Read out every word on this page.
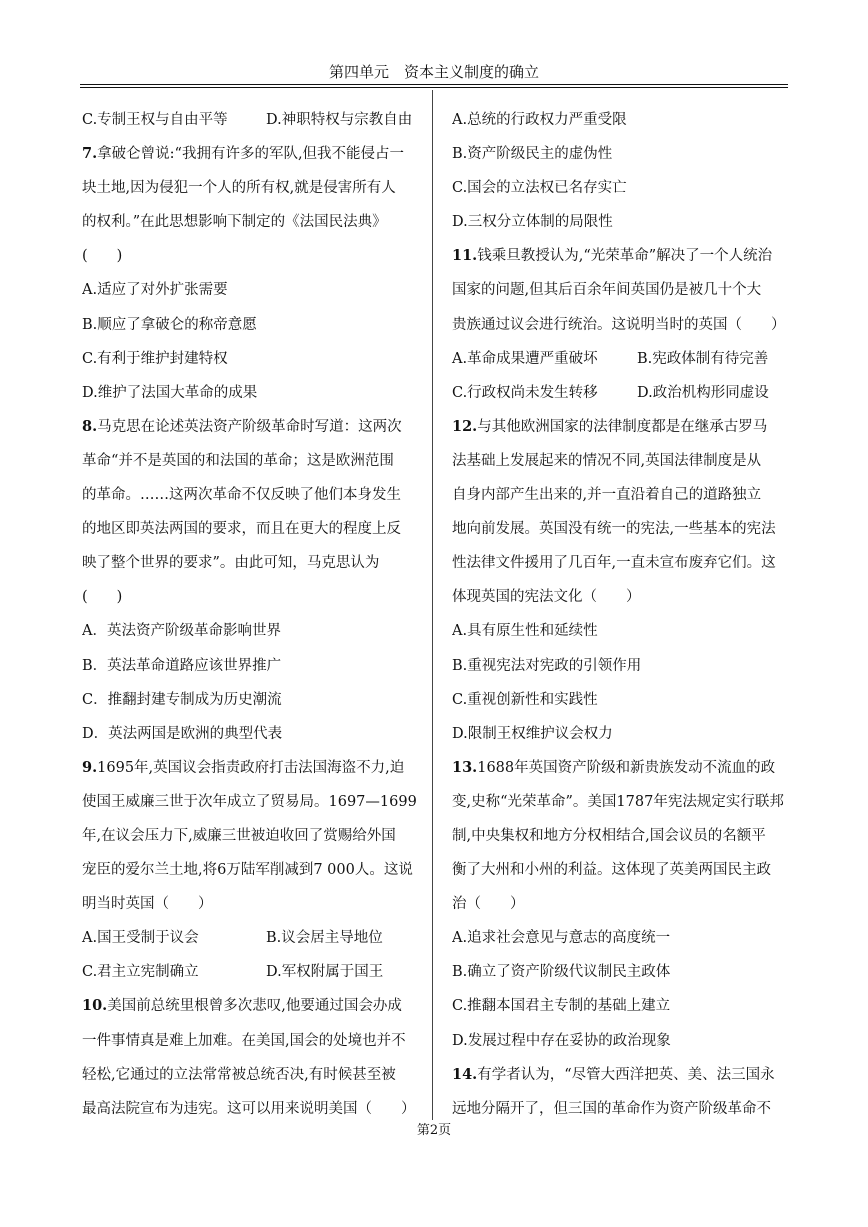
第四单元　资本主义制度的确立
C.专制王权与自由平等	D.神职特权与宗教自由
7.拿破仑曾说:“我拥有许多的军队,但我不能侵占一
块土地,因为侵犯一个人的所有权,就是侵害所有人
的权利。”在此思想影响下制定的《法国民法典》
(　　)
A.适应了对外扩张需要
B.顺应了拿破仑的称帝意愿
C.有利于维护封建特权
D.维护了法国大革命的成果
8.马克思在论述英法资产阶级革命时写道：这两次
革命“并不是英国的和法国的革命；这是欧洲范围
的革命。……这两次革命不仅反映了他们本身发生
的地区即英法两国的要求，而且在更大的程度上反
映了整个世界的要求”。由此可知，马克思认为
(　　)
A．英法资产阶级革命影响世界
B．英法革命道路应该世界推广
C．推翻封建专制成为历史潮流
D．英法两国是欧洲的典型代表
9.1695年,英国议会指责政府打击法国海盗不力,迫
使国王威廉三世于次年成立了贸易局。1697—1699
年,在议会压力下,威廉三世被迫收回了赏赐给外国
宠臣的爱尔兰土地,将6万陆军削减到7 000人。这说
明当时英国（　　）
A.国王受制于议会	B.议会居主导地位
C.君主立宪制确立	D.军权附属于国王
10.美国前总统里根曾多次悲叹,他要通过国会办成
一件事情真是难上加难。在美国,国会的处境也并不
轻松,它通过的立法常常被总统否决,有时候甚至被
最高法院宣布为违宪。这可以用来说明美国（　　）
A.总统的行政权力严重受限
B.资产阶级民主的虚伪性
C.国会的立法权已名存实亡
D.三权分立体制的局限性
11.钱乘旦教授认为,“光荣革命”解决了一个人统治
国家的问题,但其后百余年间英国仍是被几十个大
贵族通过议会进行统治。这说明当时的英国（　　）
A.革命成果遭严重破坏	B.宪政体制有待完善
C.行政权尚未发生转移	D.政治机构形同虚设
12.与其他欧洲国家的法律制度都是在继承古罗马
法基础上发展起来的情况不同,英国法律制度是从
自身内部产生出来的,并一直沿着自己的道路独立
地向前发展。英国没有统一的宪法,一些基本的宪法
性法律文件援用了几百年,一直未宣布废弃它们。这
体现英国的宪法文化（　　）
A.具有原生性和延续性
B.重视宪法对宪政的引领作用
C.重视创新性和实践性
D.限制王权维护议会权力
13.1688年英国资产阶级和新贵族发动不流血的政
变,史称“光荣革命”。美国1787年宪法规定实行联邦
制,中央集权和地方分权相结合,国会议员的名额平
衡了大州和小州的利益。这体现了英美两国民主政
治（　　）
A.追求社会意见与意志的高度统一
B.确立了资产阶级代议制民主政体
C.推翻本国君主专制的基础上建立
D.发展过程中存在妥协的政治现象
14.有学者认为，“尽管大西洋把英、美、法三国永
远地分隔开了，但三国的革命作为资产阶级革命不
第2页
